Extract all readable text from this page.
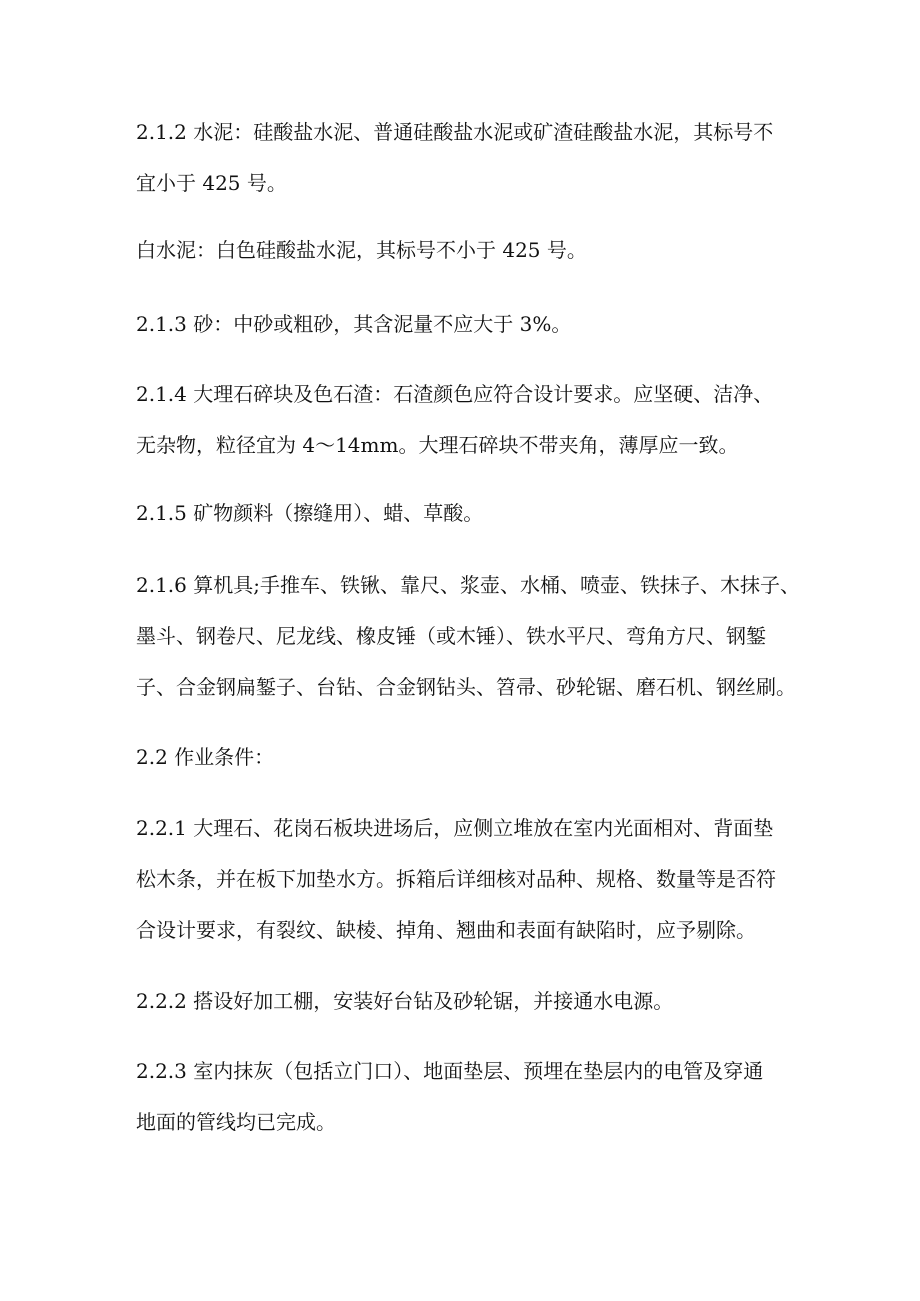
2.1.2 水泥：硅酸盐水泥、普通硅酸盐水泥或矿渣硅酸盐水泥，其标号不
宜小于 425 号。

白水泥：白色硅酸盐水泥，其标号不小于 425 号。

2.1.3 砂：中砂或粗砂，其含泥量不应大于 3%。

2.1.4 大理石碎块及色石渣：石渣颜色应符合设计要求。应坚硬、洁净、
无杂物，粒径宜为 4～14mm。大理石碎块不带夹角，薄厚应一致。

2.1.5 矿物颜料（擦缝用）、蜡、草酸。

2.1.6 算机具;手推车、铁锹、靠尺、浆壶、水桶、喷壶、铁抹子、木抹子、
墨斗、钢卷尺、尼龙线、橡皮锤（或木锤）、铁水平尺、弯角方尺、钢錾
子、合金钢扁錾子、台钻、合金钢钻头、笤帚、砂轮锯、磨石机、钢丝刷。

2.2 作业条件：

2.2.1 大理石、花岗石板块进场后，应侧立堆放在室内光面相对、背面垫
松木条，并在板下加垫水方。拆箱后详细核对品种、规格、数量等是否符
合设计要求，有裂纹、缺棱、掉角、翘曲和表面有缺陷时，应予剔除。

2.2.2 搭设好加工棚，安装好台钻及砂轮锯，并接通水电源。

2.2.3 室内抹灰（包括立门口）、地面垫层、预埋在垫层内的电管及穿通
地面的管线均已完成。
